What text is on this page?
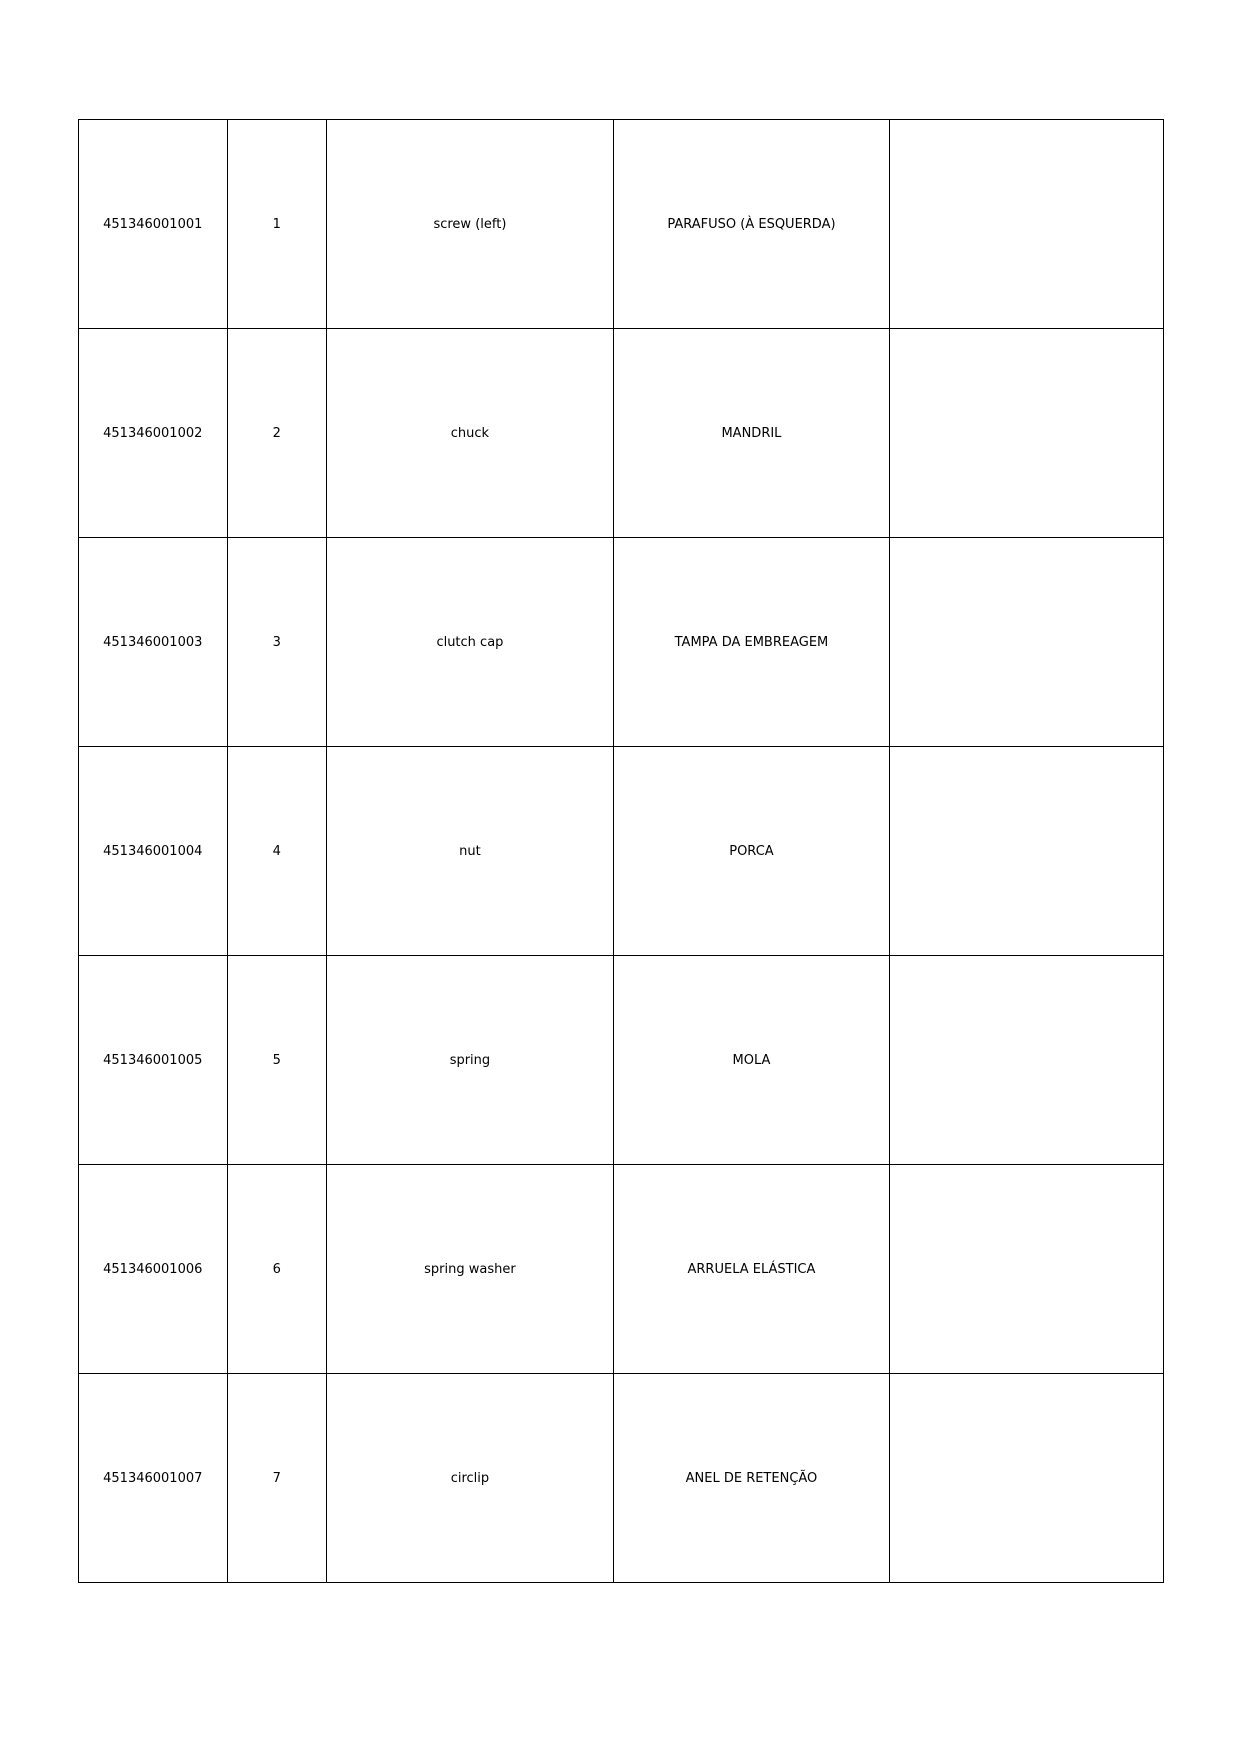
451346001001	1	screw (left)	PARAFUSO (À ESQUERDA)	
451346001002	2	chuck	MANDRIL	
451346001003	3	clutch cap	TAMPA DA EMBREAGEM	
451346001004	4	nut	PORCA	
451346001005	5	spring	MOLA	
451346001006	6	spring washer	ARRUELA ELÁSTICA	
451346001007	7	circlip	ANEL DE RETENÇÃO	
